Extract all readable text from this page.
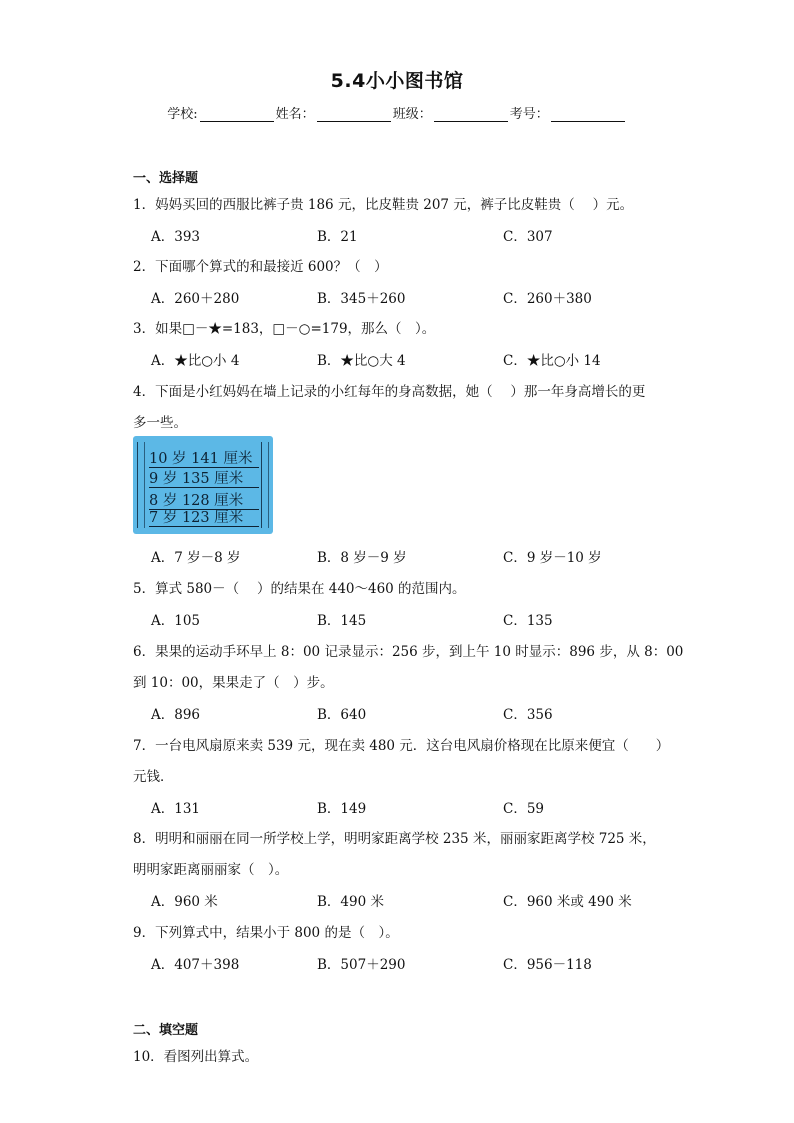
5.4小小图书馆
学校:	姓名：	班级：	考号：
一、选择题
1．妈妈买回的西服比裤子贵 186 元，比皮鞋贵 207 元，裤子比皮鞋贵（　 ）元。
A．393	B．21	C．307
2．下面哪个算式的和最接近 600？（　）
A．260＋280	B．345＋260	C．260＋380
3．如果□－★=183，□－○=179，那么（　）。
A．★比○小 4	B．★比○大 4	C．★比○小 14
4．下面是小红妈妈在墙上记录的小红每年的身高数据，她（　 ）那一年身高增长的更
多一些。
10 岁 141 厘米
9 岁 135 厘米
8 岁 128 厘米
7 岁 123 厘米
A．7 岁－8 岁	B．8 岁－9 岁	C．9 岁－10 岁
5．算式 580－（　 ）的结果在 440～460 的范围内。
A．105	B．145	C．135
6．果果的运动手环早上 8：00 记录显示：256 步，到上午 10 时显示：896 步，从 8：00
到 10：00，果果走了（　）步。
A．896	B．640	C．356
7．一台电风扇原来卖 539 元，现在卖 480 元．这台电风扇价格现在比原来便宜（　　）
元钱．
A．131	B．149	C．59
8．明明和丽丽在同一所学校上学，明明家距离学校 235 米，丽丽家距离学校 725 米，
明明家距离丽丽家（　）。
A．960 米	B．490 米	C．960 米或 490 米
9．下列算式中，结果小于 800 的是（　）。
A．407＋398	B．507＋290	C．956－118
二、填空题
10．看图列出算式。
